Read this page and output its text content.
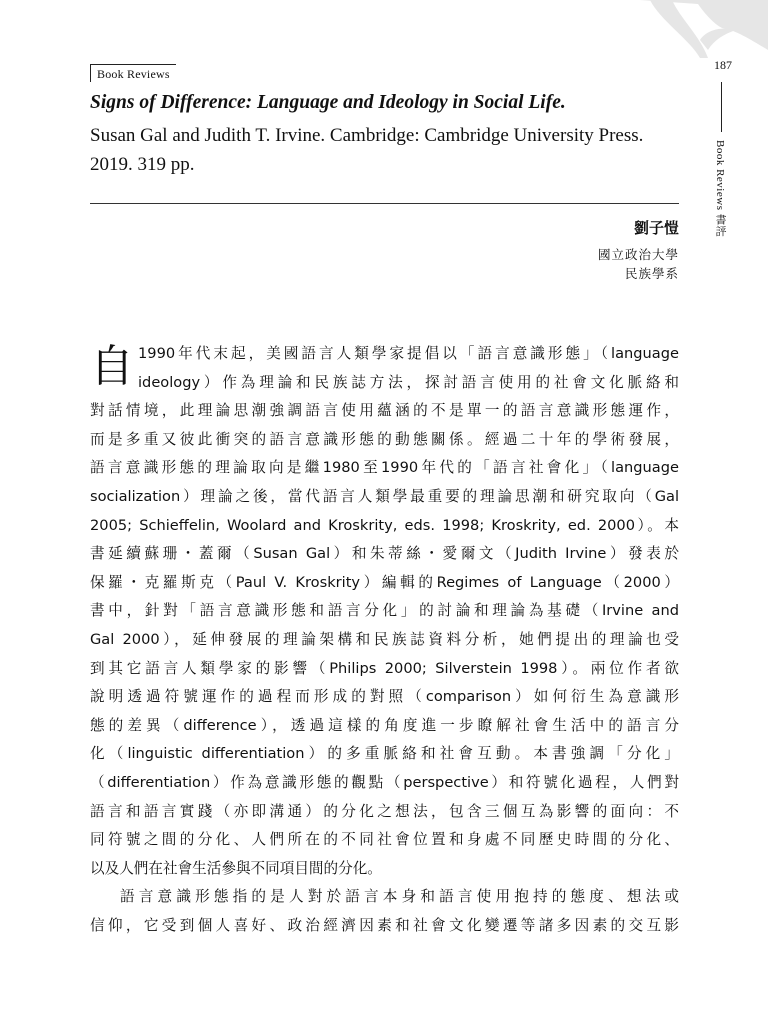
Book Reviews
187
Book Reviews 書評
Signs of Difference: Language and Ideology in Social Life.

Susan Gal and Judith T. Irvine. Cambridge: Cambridge University Press. 2019. 319 pp.

劉子愷
國立政治大學
民族學系
自 1990年代末起，美國語言人類學家提倡以「語言意識形態」（language
ideology）作為理論和民族誌方法，探討語言使用的社會文化脈絡和
對話情境，此理論思潮強調語言使用蘊涵的不是單一的語言意識形態運作，
而是多重又彼此衝突的語言意識形態的動態關係。經過二十年的學術發展，
語言意識形態的理論取向是繼1980至1990年代的「語言社會化」（language
socialization）理論之後，當代語言人類學最重要的理論思潮和研究取向（Gal
2005; Schieffelin, Woolard and Kroskrity, eds. 1998; Kroskrity, ed. 2000）。本
書延續蘇珊・蓋爾（Susan Gal）和朱蒂絲・愛爾文（Judith Irvine）發表於
保羅・克羅斯克（Paul V. Kroskrity）編輯的Regimes of Language（2000）
書中，針對「語言意識形態和語言分化」的討論和理論為基礎（Irvine and
Gal 2000），延伸發展的理論架構和民族誌資料分析，她們提出的理論也受
到其它語言人類學家的影響（Philips 2000; Silverstein 1998）。兩位作者欲
說明透過符號運作的過程而形成的對照（comparison）如何衍生為意識形
態的差異（difference），透過這樣的角度進一步瞭解社會生活中的語言分
化（linguistic differentiation）的多重脈絡和社會互動。本書強調「分化」
（differentiation）作為意識形態的觀點（perspective）和符號化過程，人們對
語言和語言實踐（亦即溝通）的分化之想法，包含三個互為影響的面向：不
同符號之間的分化、人們所在的不同社會位置和身處不同歷史時間的分化、
以及人們在社會生活參與不同項目間的分化。
語言意識形態指的是人對於語言本身和語言使用抱持的態度、想法或
信仰，它受到個人喜好、政治經濟因素和社會文化變遷等諸多因素的交互影
